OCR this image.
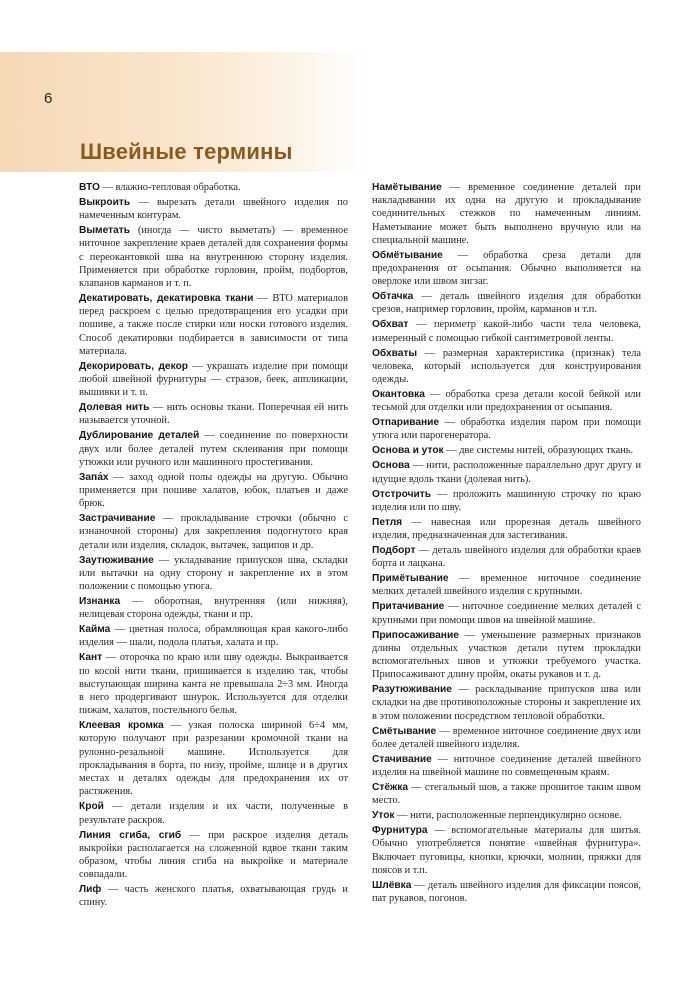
6
Швейные термины

ВТО — влажно-тепловая обработка.

Выкроить — вырезать детали швейного изделия по намеченным контурам.

Выметать (иногда — чисто выметать) — временное ниточное закрепление краев деталей для сохранения формы с переокантовкой шва на внутреннюю сторону изделия. Применяется при обработке горловин, пройм, подбортов, клапанов карманов и т. п.

Декатировать, декатировка ткани — ВТО материалов перед раскроем с целью предотвращения его усадки при пошиве, а также после стирки или носки готового изделия. Способ декатировки подбирается в зависимости от типа материала.

Декорировать, декор — украшать изделие при помощи любой швейной фурнитуры — стразов, беек, аппликации, вышивки и т. п.

Долевая нить — нить основы ткани. Поперечная ей нить называется уточной.

Дублирование деталей — соединение по поверхности двух или более деталей путем склеивания при помощи утюжки или ручного или машинного простегивания.

Запа́х — заход одной полы одежды на другую. Обычно применяется при пошиве халатов, юбок, платьев и даже брюк.

Застрачивание — прокладывание строчки (обычно с изнаночной стороны) для закрепления подогнутого края детали или изделия, складок, вытачек, защипов и др.

Заутюживание — укладывание припусков шва, складки или вытачки на одну сторону и закрепление их в этом положении с помощью утюга.

Изнанка — оборотная, внутренняя (или нижняя), нелицевая сторона одежды, ткани и пр.

Кайма — цветная полоса, обрамляющая края какого-либо изделия — шали, подола платья, халата и пр.

Кант — оторочка по краю или шву одежды. Выкраивается по косой нити ткани, пришивается к изделию так, чтобы выступающая ширина канта не превышала 2÷3 мм. Иногда в него продергивают шнурок. Используется для отделки пижам, халатов, постельного белья.

Клеевая кромка — узкая полоска шириной 6÷4 мм, которую получают при разрезании кромочной ткани на рулонно-резальной машине. Используется для прокладывания в борта, по низу, пройме, шлице и в других местах и деталях одежды для предохранения их от растяжения.

Крой — детали изделия и их части, полученные в результате раскроя.

Линия сгиба, сгиб — при раскрое изделия деталь выкройки располагается на сложенной вдвое ткани таким образом, чтобы линия сгиба на выкройке и материале совпадали.

Лиф — часть женского платья, охватывающая грудь и спину.

Намётывание — временное соединение деталей при накладывании их одна на другую и прокладывание соединительных стежков по намеченным линиям. Наметывание может быть выполнено вручную или на специальной машине.

Обмётывание — обработка среза детали для предохранения от осыпания. Обычно выполняется на оверлоке или швом зигзаг.

Обтачка — деталь швейного изделия для обработки срезов, например горловин, пройм, карманов и т.п.

Обхват — периметр какой-либо части тела человека, измеренный с помощью гибкой сантиметровой ленты.

Обхваты — размерная характеристика (признак) тела человека, который используется для конструирования одежды.

Окантовка — обработка среза детали косой бейкой или тесьмой для отделки или предохранения от осыпания.

Отпаривание — обработка изделия паром при помощи утюга или парогенератора.

Основа и уток — две системы нитей, образующих ткань.

Основа — нити, расположенные параллельно друг другу и идущие вдоль ткани (долевая нить).

Отстрочить — проложить машинную строчку по краю изделия или по шву.

Петля — навесная или прорезная деталь швейного изделия, предназначенная для застегивания.

Подборт — деталь швейного изделия для обработки краев борта и лацкана.

Примётывание — временное ниточное соединение мелких деталей швейного изделия с крупными.

Притачивание — ниточное соединение мелких деталей с крупными при помощи швов на швейной машине.

Припосаживание — уменьшение размерных признаков длины отдельных участков детали путем прокладки вспомогательных швов и утюжки требуемого участка. Припосаживают длину пройм, окаты рукавов и т. д.

Разутюживание — раскладывание припусков шва или складки на две противоположные стороны и закрепление их в этом положении посредством тепловой обработки.

Смётывание — временное ниточное соединение двух или более деталей швейного изделия.

Стачивание — ниточное соединение деталей швейного изделия на швейной машине по совмещенным краям.

Стёжка — стегальный шов, а также прошитое таким швом место.

Уток — нити, расположенные перпендикулярно основе.

Фурнитура — вспомогательные материалы для шитья. Обычно употребляется понятие «швейная фурнитура». Включает пуговицы, кнопки, крючки, молнии, пряжки для поясов и т.п.

Шлёвка — деталь швейного изделия для фиксации поясов, пат рукавов, погонов.
